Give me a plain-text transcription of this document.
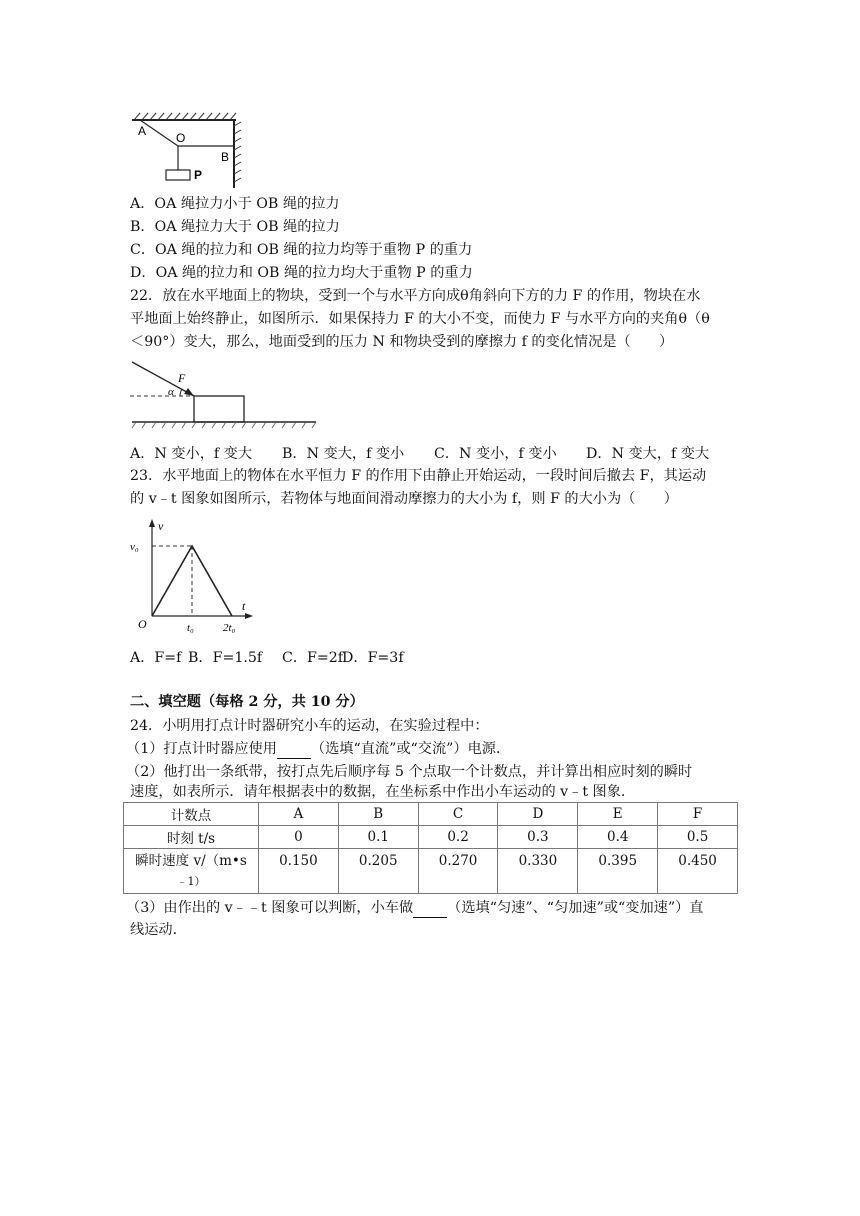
A O
B
P
A．OA 绳拉力小于 OB 绳的拉力
B．OA 绳拉力大于 OB 绳的拉力
C．OA 绳的拉力和 OB 绳的拉力均等于重物 P 的重力
D．OA 绳的拉力和 OB 绳的拉力均大于重物 P 的重力
22．放在水平地面上的物块，受到一个与水平方向成θ角斜向下方的力 F 的作用，物块在水
平地面上始终静止，如图所示．如果保持力 F 的大小不变，而使力 F 与水平方向的夹角θ（θ
＜90°）变大，那么，地面受到的压力 N 和物块受到的摩擦力 f 的变化情况是（　　）
F
α
A．N 变小，f 变大 B．N 变大，f 变小 C．N 变小，f 变小 D．N 变大，f 变大
23．水平地面上的物体在水平恒力 F 的作用下由静止开始运动，一段时间后撤去 F，其运动
的 v﹣t 图象如图所示，若物体与地面间滑动摩擦力的大小为 f，则 F 的大小为（　　）
v
t
v₀
O	t₀	2t₀
A．F=f B．F=1.5f C．F=2f
D．F=3f
二、填空题（每格 2 分，共 10 分）
24．小明用打点计时器研究小车的运动，在实验过程中：
（1）打点计时器应使用 （选填“直流”或“交流”）电源．
（2）他打出一条纸带，按打点先后顺序每 5 个点取一个计数点，并计算出相应时刻的瞬时
速度，如表所示．请年根据表中的数据，在坐标系中作出小车运动的 v﹣t 图象．
计数点	A	B	C	D	E	F
时刻 t/s	0	0.1	0.2	0.3	0.4	0.5
瞬时速度 v/（m•s
﹣1）	0.150	0.205	0.270	0.330	0.395	0.450
（3）由作出的 v﹣﹣t 图象可以判断，小车做 （选填“匀速”、“匀加速”或“变加速”）直
线运动．
